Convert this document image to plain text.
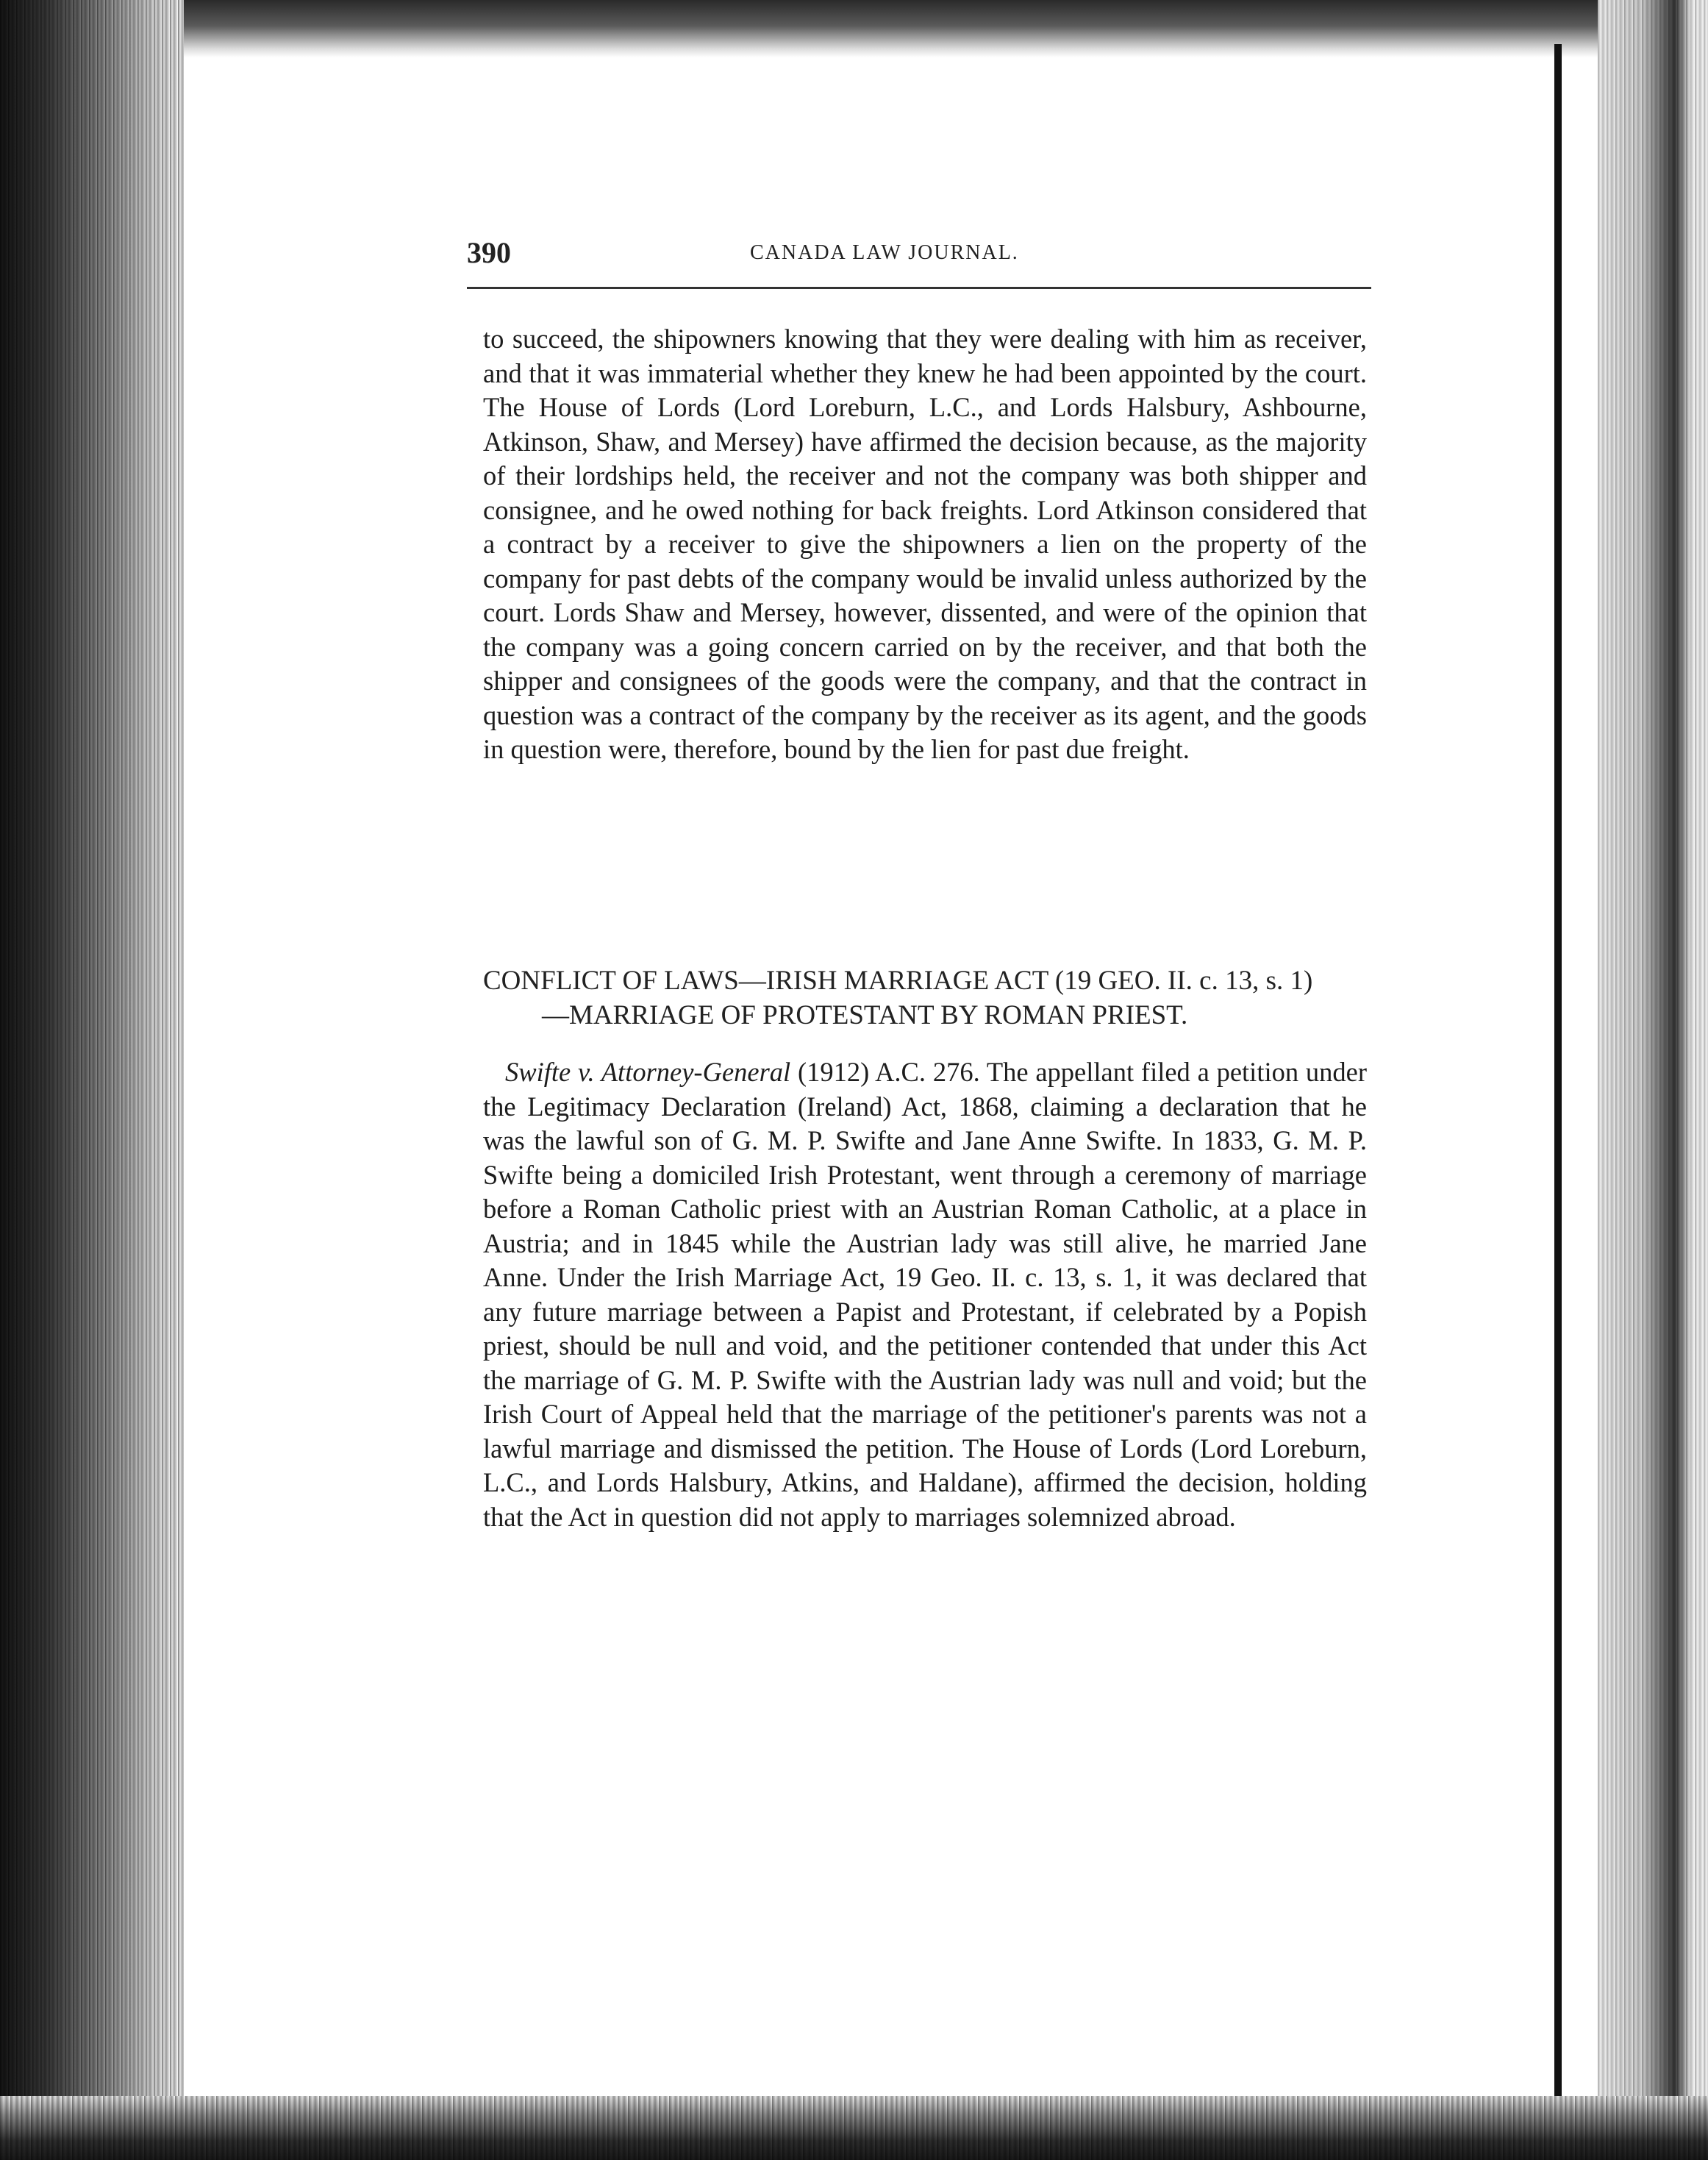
390	CANADA LAW JOURNAL.

to succeed, the shipowners knowing that they were dealing with him as receiver, and that it was immaterial whether they knew he had been appointed by the court. The House of Lords (Lord Loreburn, L.C., and Lords Halsbury, Ashbourne, Atkinson, Shaw, and Mersey) have affirmed the decision because, as the majority of their lordships held, the receiver and not the company was both shipper and consignee, and he owed nothing for back freights. Lord Atkinson considered that a contract by a receiver to give the shipowners a lien on the property of the company for past debts of the company would be invalid unless authorized by the court. Lords Shaw and Mersey, however, dissented, and were of the opinion that the company was a going concern carried on by the receiver, and that both the shipper and consignees of the goods were the company, and that the contract in question was a contract of the company by the receiver as its agent, and the goods in question were, therefore, bound by the lien for past due freight.

CONFLICT OF LAWS—IRISH MARRIAGE ACT (19 GEO. II. c. 13, s. 1)
—MARRIAGE OF PROTESTANT BY ROMAN PRIEST.

Swifte v. Attorney-General (1912) A.C. 276. The appellant filed a petition under the Legitimacy Declaration (Ireland) Act, 1868, claiming a declaration that he was the lawful son of G. M. P. Swifte and Jane Anne Swifte. In 1833, G. M. P. Swifte being a domiciled Irish Protestant, went through a ceremony of marriage before a Roman Catholic priest with an Austrian Roman Catholic, at a place in Austria; and in 1845 while the Austrian lady was still alive, he married Jane Anne. Under the Irish Marriage Act, 19 Geo. II. c. 13, s. 1, it was declared that any future marriage between a Papist and Protestant, if celebrated by a Popish priest, should be null and void, and the petitioner contended that under this Act the marriage of G. M. P. Swifte with the Austrian lady was null and void; but the Irish Court of Appeal held that the marriage of the petitioner's parents was not a lawful marriage and dismissed the petition. The House of Lords (Lord Loreburn, L.C., and Lords Halsbury, Atkins, and Haldane), affirmed the decision, holding that the Act in question did not apply to marriages solemnized abroad.
